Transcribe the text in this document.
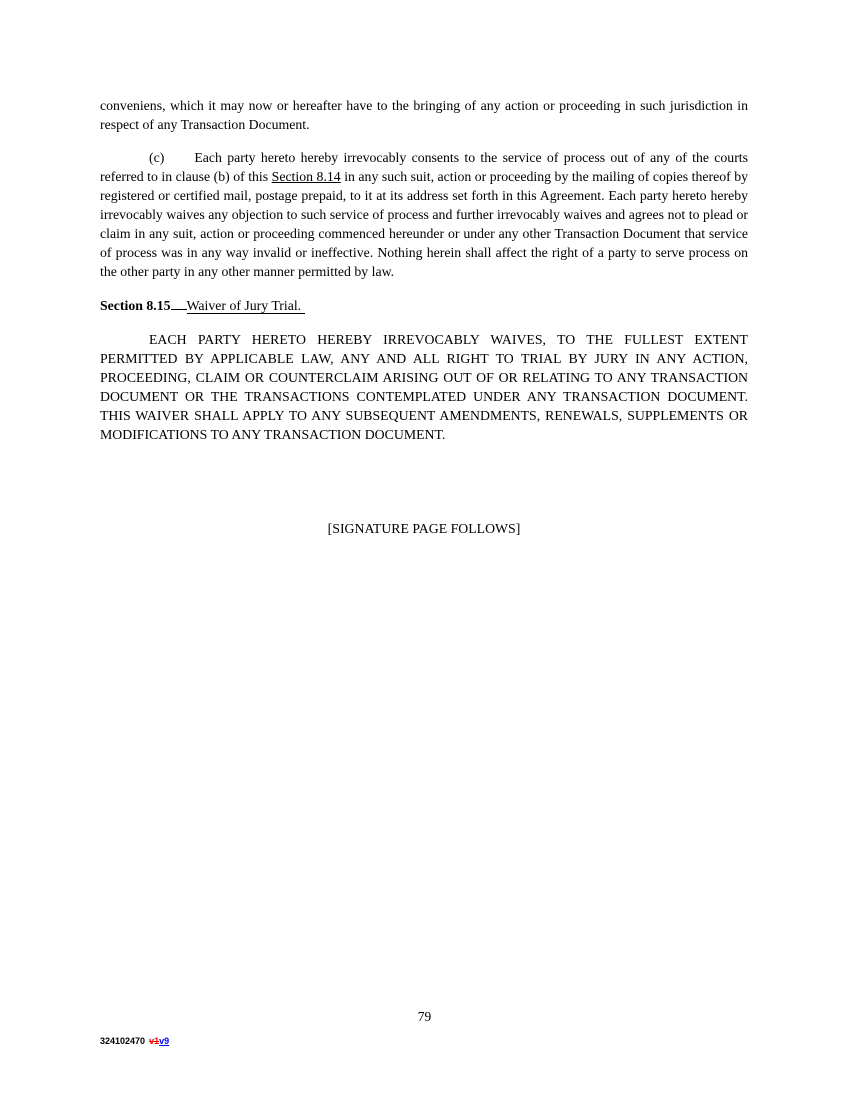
conveniens, which it may now or hereafter have to the bringing of any action or proceeding in such jurisdiction in respect of any Transaction Document.

(c) Each party hereto hereby irrevocably consents to the service of process out of any of the courts referred to in clause (b) of this Section 8.14 in any such suit, action or proceeding by the mailing of copies thereof by registered or certified mail, postage prepaid, to it at its address set forth in this Agreement. Each party hereto hereby irrevocably waives any objection to such service of process and further irrevocably waives and agrees not to plead or claim in any suit, action or proceeding commenced hereunder or under any other Transaction Document that service of process was in any way invalid or ineffective. Nothing herein shall affect the right of a party to serve process on the other party in any other manner permitted by law.

Section 8.15 Waiver of Jury Trial.

EACH PARTY HERETO HEREBY IRREVOCABLY WAIVES, TO THE FULLEST EXTENT PERMITTED BY APPLICABLE LAW, ANY AND ALL RIGHT TO TRIAL BY JURY IN ANY ACTION, PROCEEDING, CLAIM OR COUNTERCLAIM ARISING OUT OF OR RELATING TO ANY TRANSACTION DOCUMENT OR THE TRANSACTIONS CONTEMPLATED UNDER ANY TRANSACTION DOCUMENT. THIS WAIVER SHALL APPLY TO ANY SUBSEQUENT AMENDMENTS, RENEWALS, SUPPLEMENTS OR MODIFICATIONS TO ANY TRANSACTION DOCUMENT.

[SIGNATURE PAGE FOLLOWS]

79
324102470 v1v9
